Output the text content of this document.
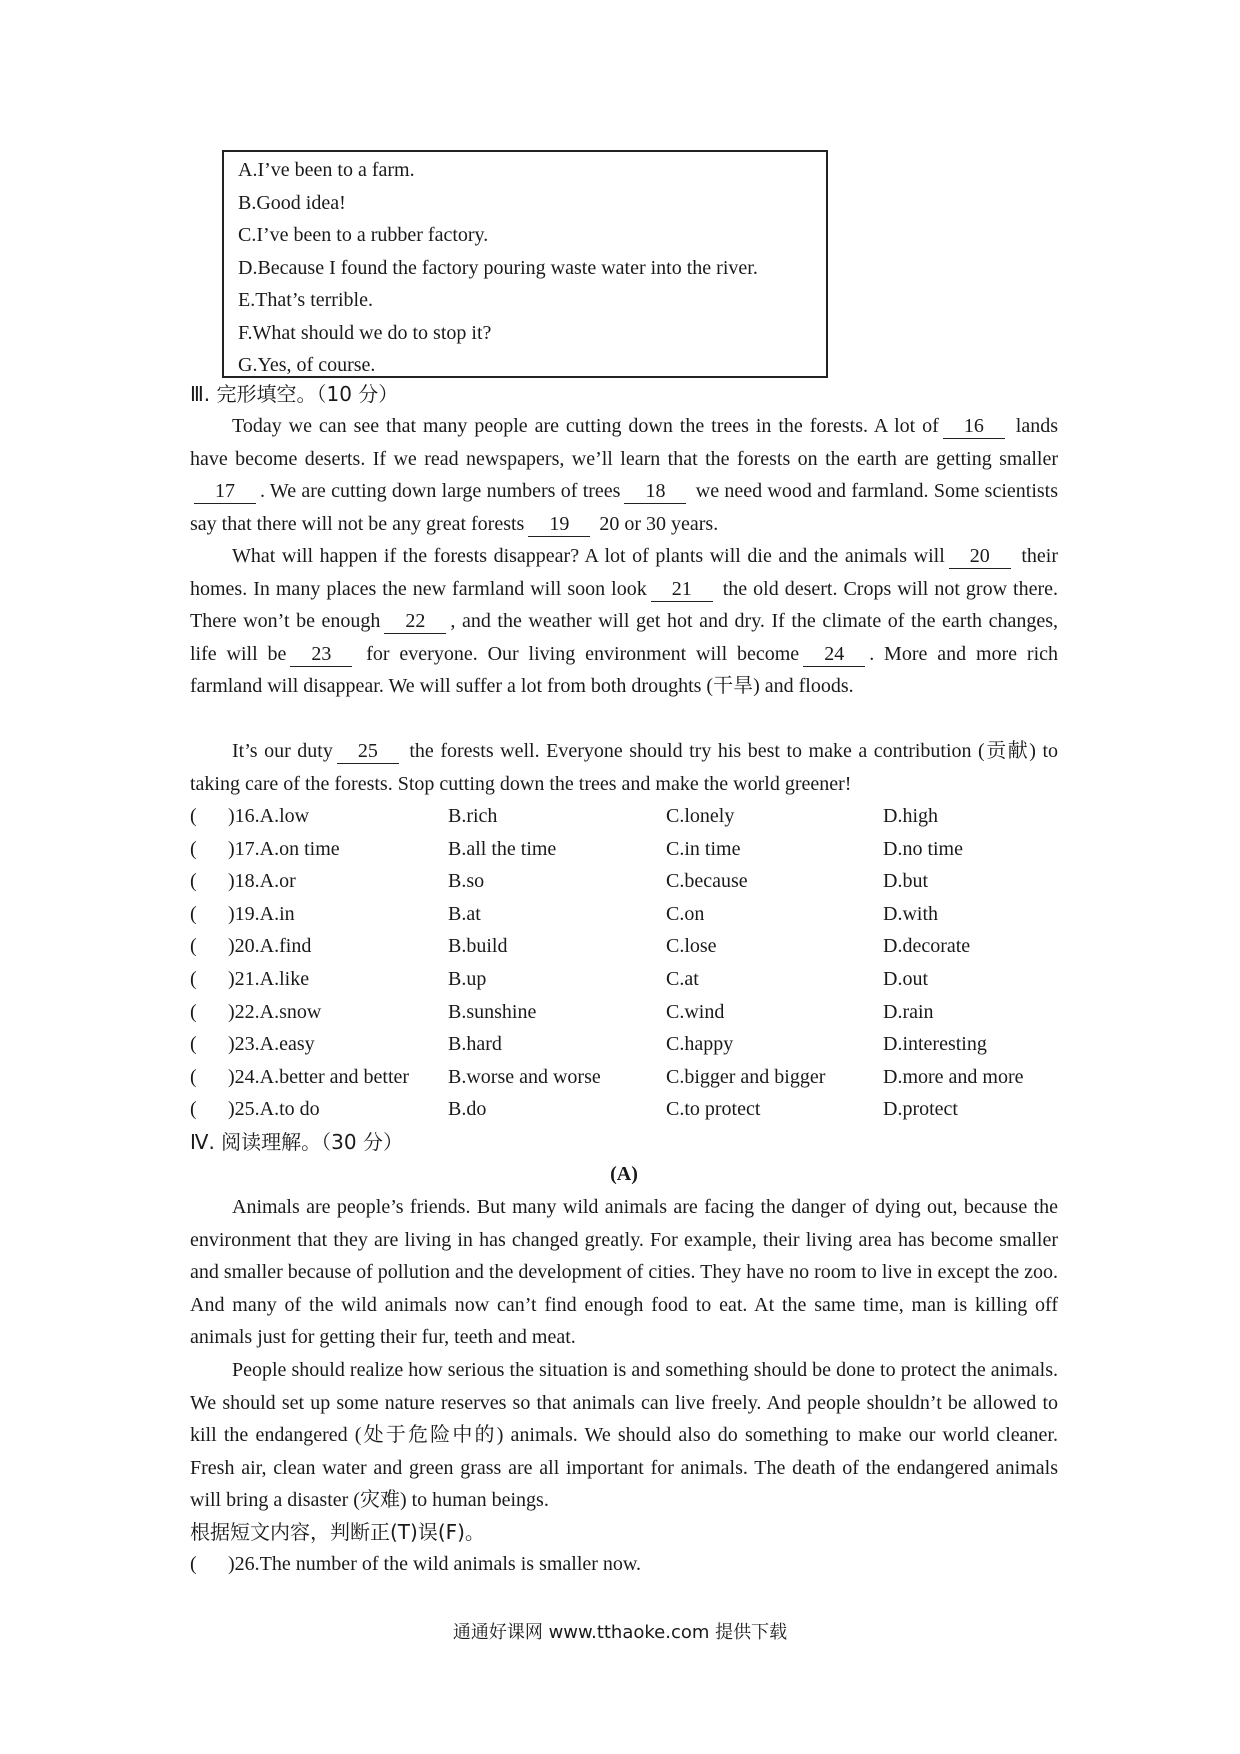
A.I’ve been to a farm.
B.Good idea!
C.I’ve been to a rubber factory.
D.Because I found the factory pouring waste water into the river.
E.That’s terrible.
F.What should we do to stop it?
G.Yes, of course.
Ⅲ. 完形填空。（10 分）
Today we can see that many people are cutting down the trees in the forests. A lot of 16 lands have become deserts. If we read newspapers, we’ll learn that the forests on the earth are getting smaller17 . We are cutting down large numbers of trees 18 we need wood and farmland. Some scientists say that there will not be any great forests 19 20 or 30 years.
What will happen if the forests disappear? A lot of plants will die and the animals will 20 their homes. In many places the new farmland will soon look 21 the old desert. Crops will not grow there. There won’t be enough 22 , and the weather will get hot and dry. If the climate of the earth changes, life will be 23 for everyone. Our living environment will become 24 . More and more rich farmland will disappear. We will suffer a lot from both droughts (干旱) and floods.
It’s our duty 25 the forests well. Everyone should try his best to make a contribution (贡献) to taking care of the forests. Stop cutting down the trees and make the world greener!
( )16.A.low	B.rich	C.lonely	D.high
( )17.A.on time	B.all the time	C.in time	D.no time
( )18.A.or	B.so	C.because	D.but
( )19.A.in	B.at	C.on	D.with
( )20.A.find	B.build	C.lose	D.decorate
( )21.A.like	B.up	C.at	D.out
( )22.A.snow	B.sunshine	C.wind	D.rain
( )23.A.easy	B.hard	C.happy	D.interesting
( )24.A.better and better B.worse and worse	C.bigger and bigger	D.more and more
( )25.A.to do	B.do	C.to protect	D.protect
Ⅳ. 阅读理解。（30 分）
(A)
Animals are people’s friends. But many wild animals are facing the danger of dying out, because the environment that they are living in has changed greatly. For example, their living area has become smaller and smaller because of pollution and the development of cities. They have no room to live in except the zoo. And many of the wild animals now can’t find enough food to eat. At the same time, man is killing off animals just for getting their fur, teeth and meat.
People should realize how serious the situation is and something should be done to protect the animals. We should set up some nature reserves so that animals can live freely. And people shouldn’t be allowed to kill the endangered (处于危险中的) animals. We should also do something to make our world cleaner. Fresh air, clean water and green grass are all important for animals. The death of the endangered animals will bring a disaster (灾难) to human beings.
根据短文内容，判断正(T)误(F)。
( )26.The number of the wild animals is smaller now.
通通好课网 www.tthaoke.com 提供下载
